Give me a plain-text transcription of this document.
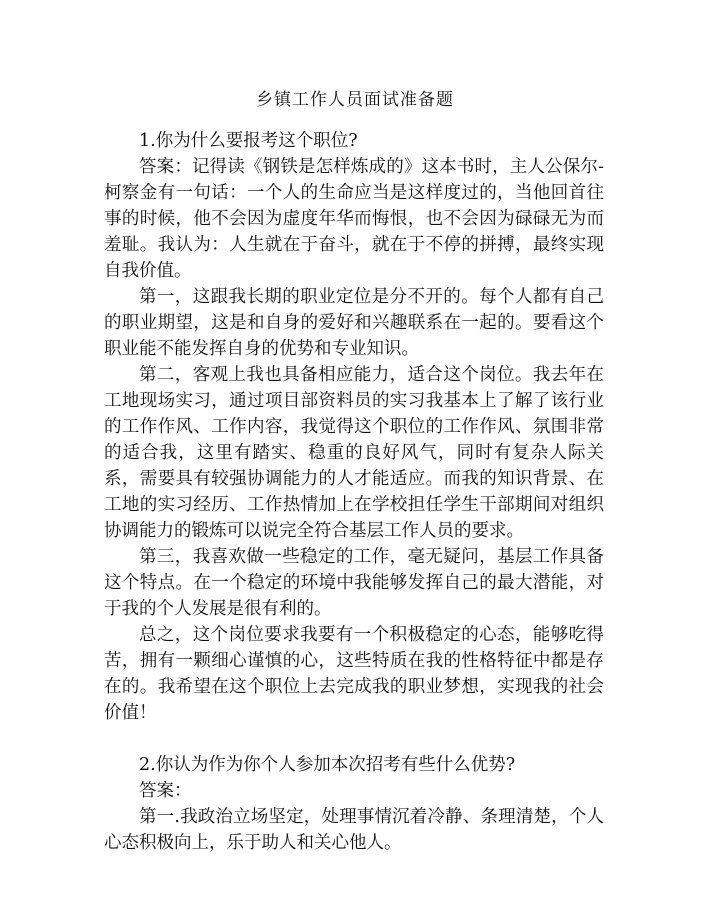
乡镇工作人员面试准备题

1.你为什么要报考这个职位?

答案：记得读《钢铁是怎样炼成的》这本书时，主人公保尔-柯察金有一句话：一个人的生命应当是这样度过的，当他回首往事的时候，他不会因为虚度年华而悔恨，也不会因为碌碌无为而羞耻。我认为：人生就在于奋斗，就在于不停的拼搏，最终实现自我价值。

第一，这跟我长期的职业定位是分不开的。每个人都有自己的职业期望，这是和自身的爱好和兴趣联系在一起的。要看这个职业能不能发挥自身的优势和专业知识。

第二，客观上我也具备相应能力，适合这个岗位。我去年在工地现场实习，通过项目部资料员的实习我基本上了解了该行业的工作作风、工作内容，我觉得这个职位的工作作风、氛围非常的适合我，这里有踏实、稳重的良好风气，同时有复杂人际关系，需要具有较强协调能力的人才能适应。而我的知识背景、在工地的实习经历、工作热情加上在学校担任学生干部期间对组织协调能力的锻炼可以说完全符合基层工作人员的要求。

第三，我喜欢做一些稳定的工作，毫无疑问，基层工作具备这个特点。在一个稳定的环境中我能够发挥自己的最大潜能，对于我的个人发展是很有利的。

总之，这个岗位要求我要有一个积极稳定的心态，能够吃得苦，拥有一颗细心谨慎的心，这些特质在我的性格特征中都是存在的。我希望在这个职位上去完成我的职业梦想，实现我的社会价值！

2.你认为作为你个人参加本次招考有些什么优势?

答案：

第一.我政治立场坚定，处理事情沉着冷静、条理清楚，个人心态积极向上，乐于助人和关心他人。
